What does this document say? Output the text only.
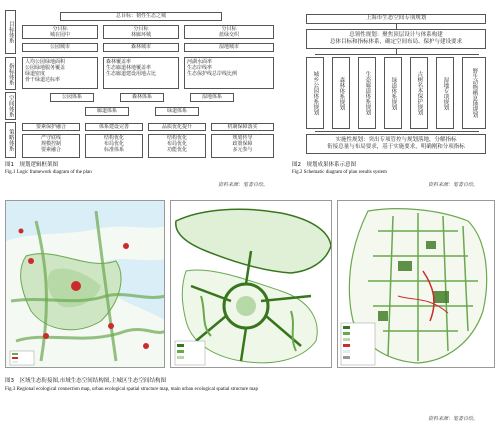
目标体系
指标体系
空间体系
策略体系
总目标：韧性生态之城
分目标
城在园中
分目标
林廊环城
分目标
蓝绿交织
公园城市	森林城市	湿地城市
人均公园绿地面积
公园绿地服务覆盖
绿道密度
骨干绿道达标率
森林覆盖率
生态廊道林地覆盖率
生态廊道建设用地占比
河湖水面率
生态岸线率
生态保护线总岸线比例
公园体系	森林体系	湿地体系
廊道体系	绿道体系
要素保护融合	体系建设完善	品质优化提升	机制保障落实
严守底线
规模控制
要素融合
结构优化
布局优化
标准体系
结构优化
布局优化
功能优化
规划传导
政策保障
多元参与
图1　规划逻辑框架图
Fig.1 Logic framework diagram of the plan
资料来源：笔者自绘。
上海市生态空间专项规划
总领性规划：聚焦顶层设计与体系构建
总体目标和指标体系，确定空间布局、保护与建设要求
城乡公园体系规划	森林体系规划	生态廊道体系规划	绿道体系规划	古树名木保护规划	湿地专项规划	野生动物栖息地规划
实施性规划：突出专项管控与规划落地，分解指标
衔接总量与布局要求，基于实施要求，明确刚和分项指标
图2　规划成果体系示意图
Fig.2 Schematic diagram of plan results system
资料来源：笔者自绘。
图3　区域生态衔接图,市域生态空间结构图,主城区生态空间结构图
Fig.3 Regional ecological connection map, urban ecological spatial structure map, main urban ecological spatial structure map
资料来源：笔者自绘。
